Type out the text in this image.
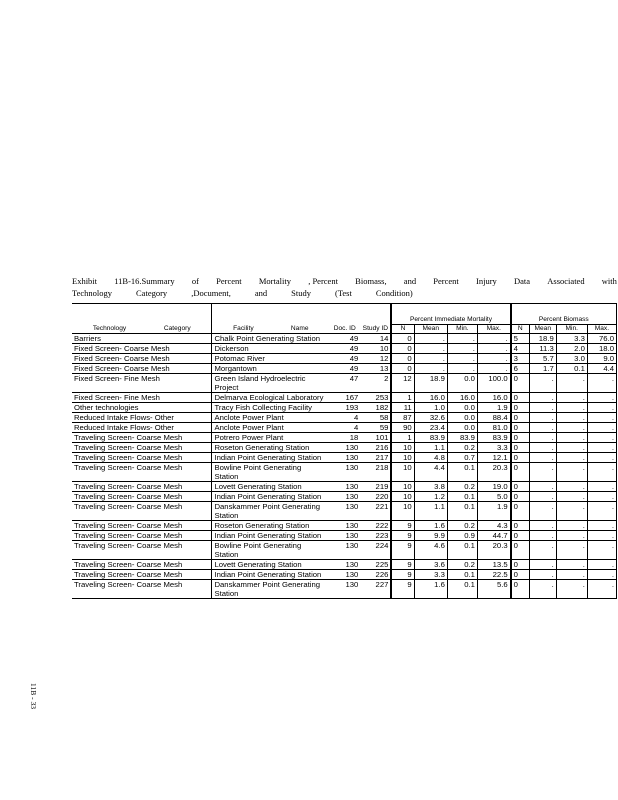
Exhibit 11B-16.Summary of Percent Mortality , Percent Biomass, and Percent Injury Data Associated with
Technology	Category	,Document,	and	Study	(Test	Condition)
11B - 33
Technology Category	Facility Name	Doc. ID	Study ID	Percent Immediate Mortality				Percent Biomass			
				N	Mean	Min.	Max.	N	Mean	Min.	Max.

Barriers	Chalk Point Generating Station	49	14	0	.	.	.	5	18.9	3.3	76.0
Fixed Screen- Coarse Mesh	Dickerson	49	10	0	.	.	.	4	11.3	2.0	18.0
Fixed Screen- Coarse Mesh	Potomac River	49	12	0	.	.	.	3	5.7	3.0	9.0
Fixed Screen- Coarse Mesh	Morgantown	49	13	0	.	.	.	6	1.7	0.1	4.4
Fixed Screen- Fine Mesh	Green Island Hydroelectric Project	47	2	12	18.9	0.0	100.0	0	.	.	.
Fixed Screen- Fine Mesh	Delmarva Ecological Laboratory	167	253	1	16.0	16.0	16.0	0	.	.	.
Other technologies	Tracy Fish Collecting Facility	193	182	11	1.0	0.0	1.9	0	.	.	.
Reduced Intake Flows- Other	Anclote Power Plant	4	58	87	32.6	0.0	88.4	0	.	.	.
Reduced Intake Flows- Other	Anclote Power Plant	4	59	90	23.4	0.0	81.0	0	.	.	.
Traveling Screen- Coarse Mesh	Potrero Power Plant	18	101	1	83.9	83.9	83.9	0	.	.	.
Traveling Screen- Coarse Mesh	Roseton Generating Station	130	216	10	1.1	0.2	3.3	0	.	.	.
Traveling Screen- Coarse Mesh	Indian Point Generating Station	130	217	10	4.8	0.7	12.1	0	.	.	.
Traveling Screen- Coarse Mesh	Bowline Point Generating Station	130	218	10	4.4	0.1	20.3	0	.	.	.
Traveling Screen- Coarse Mesh	Lovett Generating Station	130	219	10	3.8	0.2	19.0	0	.	.	.
Traveling Screen- Coarse Mesh	Indian Point Generating Station	130	220	10	1.2	0.1	5.0	0	.	.	.
Traveling Screen- Coarse Mesh	Danskammer Point Generating Station	130	221	10	1.1	0.1	1.9	0	.	.	.
Traveling Screen- Coarse Mesh	Roseton Generating Station	130	222	9	1.6	0.2	4.3	0	.	.	.
Traveling Screen- Coarse Mesh	Indian Point Generating Station	130	223	9	9.9	0.9	44.7	0	.	.	.
Traveling Screen- Coarse Mesh	Bowline Point Generating Station	130	224	9	4.6	0.1	20.3	0	.	.	.
Traveling Screen- Coarse Mesh	Lovett Generating Station	130	225	9	3.6	0.2	13.5	0	.	.	.
Traveling Screen- Coarse Mesh	Indian Point Generating Station	130	226	9	3.3	0.1	22.5	0	.	.	.
Traveling Screen- Coarse Mesh	Danskammer Point Generating Station	130	227	9	1.6	0.1	5.6	0	.	.	.
